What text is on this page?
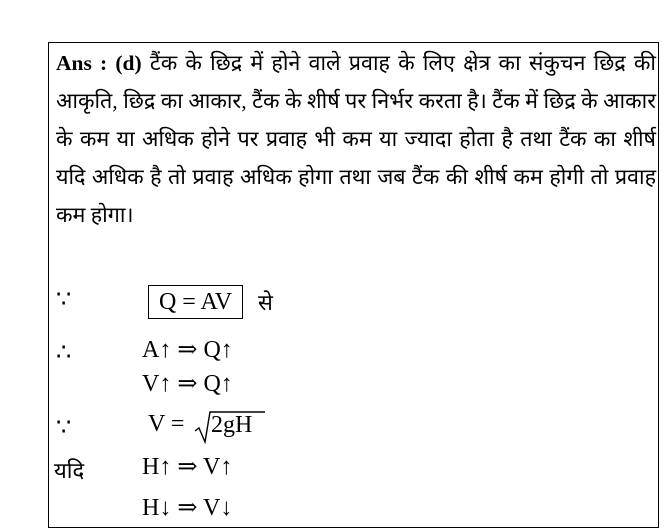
Ans : (d) टैंक के छिद्र में होने वाले प्रवाह के लिए क्षेत्र का संकुचन छिद्र की आकृति, छिद्र का आकार, टैंक के शीर्ष पर निर्भर करता है। टैंक में छिद्र के आकार के कम या अधिक होने पर प्रवाह भी कम या ज्यादा होता है तथा टैंक का शीर्ष यदि अधिक है तो प्रवाह अधिक होगा तथा जब टैंक की शीर्ष कम होगी तो प्रवाह कम होगा।
∵	Q = AV	से
∴	A↑ ⇒ Q↑
V↑ ⇒ Q↑
∵	V = 2gH
यदि H↑ ⇒ V↑
H↓ ⇒ V↓
